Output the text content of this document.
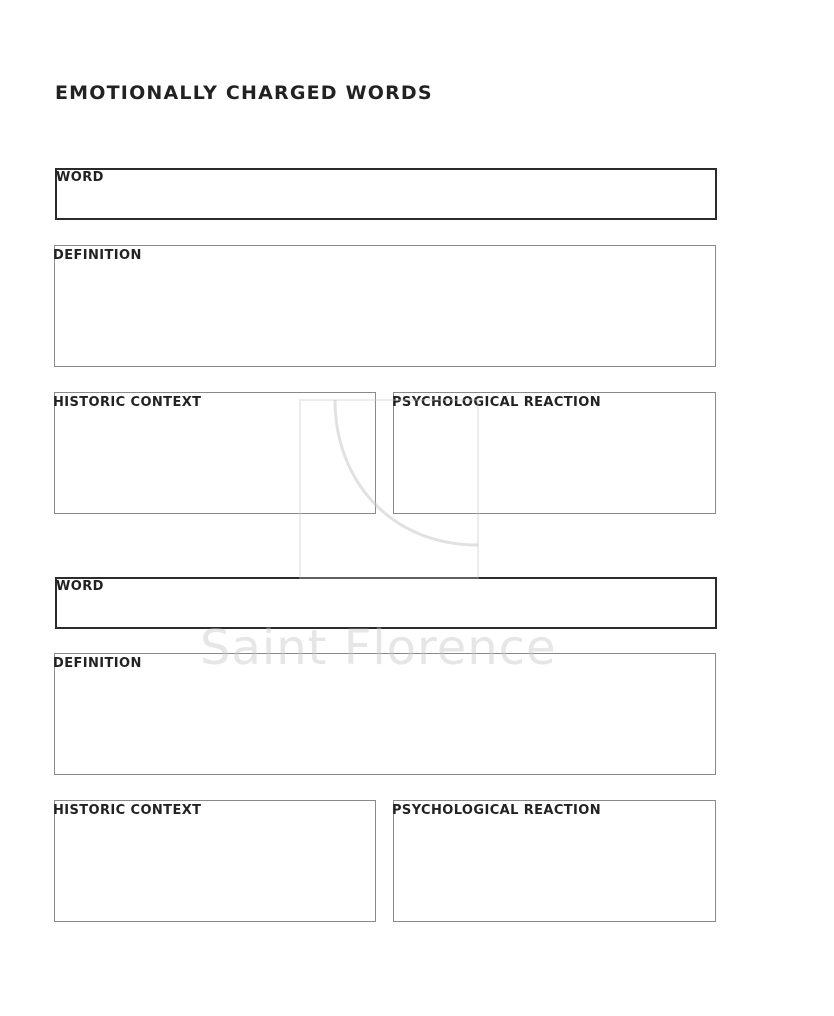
EMOTIONALLY CHARGED WORDS
WORD
DEFINITION
HISTORIC CONTEXT	PSYCHOLOGICAL REACTION
WORD
DEFINITION
HISTORIC CONTEXT	PSYCHOLOGICAL REACTION
Saint Florence
